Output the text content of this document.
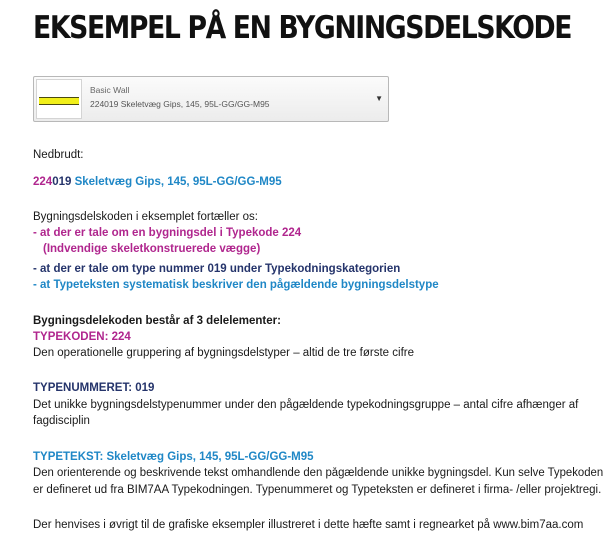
EKSEMPEL PÅ EN BYGNINGSDELSKODE
Basic Wall
224019 Skeletvæg Gips, 145, 95L-GG/GG-M95
▼
Nedbrudt:
224019 Skeletvæg Gips, 145, 95L-GG/GG-M95
Bygningsdelskoden i eksemplet fortæller os:
- at der er tale om en bygningsdel i Typekode 224
(Indvendige skeletkonstruerede vægge)
- at der er tale om type nummer 019 under Typekodningskategorien
- at Typeteksten systematisk beskriver den pågældende bygningsdelstype
Bygningsdelekoden består af 3 delelementer:
TYPEKODEN: 224
Den operationelle gruppering af bygningsdelstyper – altid de tre første cifre
TYPENUMMERET: 019
Det unikke bygningsdelstypenummer under den pågældende typekodningsgruppe – antal cifre afhænger af
fagdisciplin
TYPETEKST: Skeletvæg Gips, 145, 95L-GG/GG-M95
Den orienterende og beskrivende tekst omhandlende den pågældende unikke bygningsdel. Kun selve Typekoden
er defineret ud fra BIM7AA Typekodningen. Typenummeret og Typeteksten er defineret i firma- /eller projektregi.
Der henvises i øvrigt til de grafiske eksempler illustreret i dette hæfte samt i regnearket på www.bim7aa.com
